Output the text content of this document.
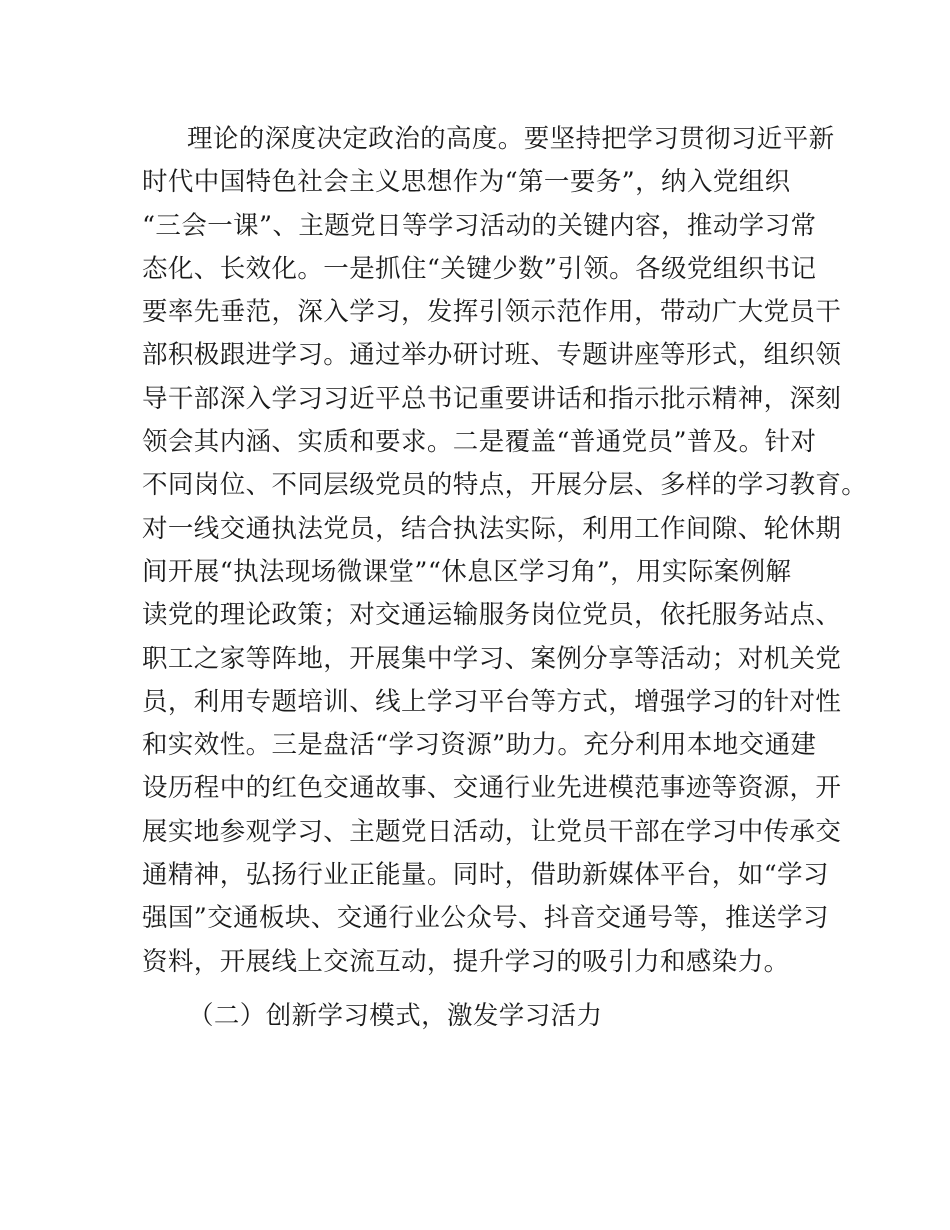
理论的深度决定政治的高度。要坚持把学习贯彻习近平新
时代中国特色社会主义思想作为“第一要务”，纳入党组织
“三会一课”、主题党日等学习活动的关键内容，推动学习常
态化、长效化。一是抓住“关键少数”引领。各级党组织书记
要率先垂范，深入学习，发挥引领示范作用，带动广大党员干
部积极跟进学习。通过举办研讨班、专题讲座等形式，组织领
导干部深入学习习近平总书记重要讲话和指示批示精神，深刻
领会其内涵、实质和要求。二是覆盖“普通党员”普及。针对
不同岗位、不同层级党员的特点，开展分层、多样的学习教育。
对一线交通执法党员，结合执法实际，利用工作间隙、轮休期
间开展“执法现场微课堂”“休息区学习角”，用实际案例解
读党的理论政策；对交通运输服务岗位党员，依托服务站点、
职工之家等阵地，开展集中学习、案例分享等活动；对机关党
员，利用专题培训、线上学习平台等方式，增强学习的针对性
和实效性。三是盘活“学习资源”助力。充分利用本地交通建
设历程中的红色交通故事、交通行业先进模范事迹等资源，开
展实地参观学习、主题党日活动，让党员干部在学习中传承交
通精神，弘扬行业正能量。同时，借助新媒体平台，如“学习
强国”交通板块、交通行业公众号、抖音交通号等，推送学习
资料，开展线上交流互动，提升学习的吸引力和感染力。
（二）创新学习模式，激发学习活力
